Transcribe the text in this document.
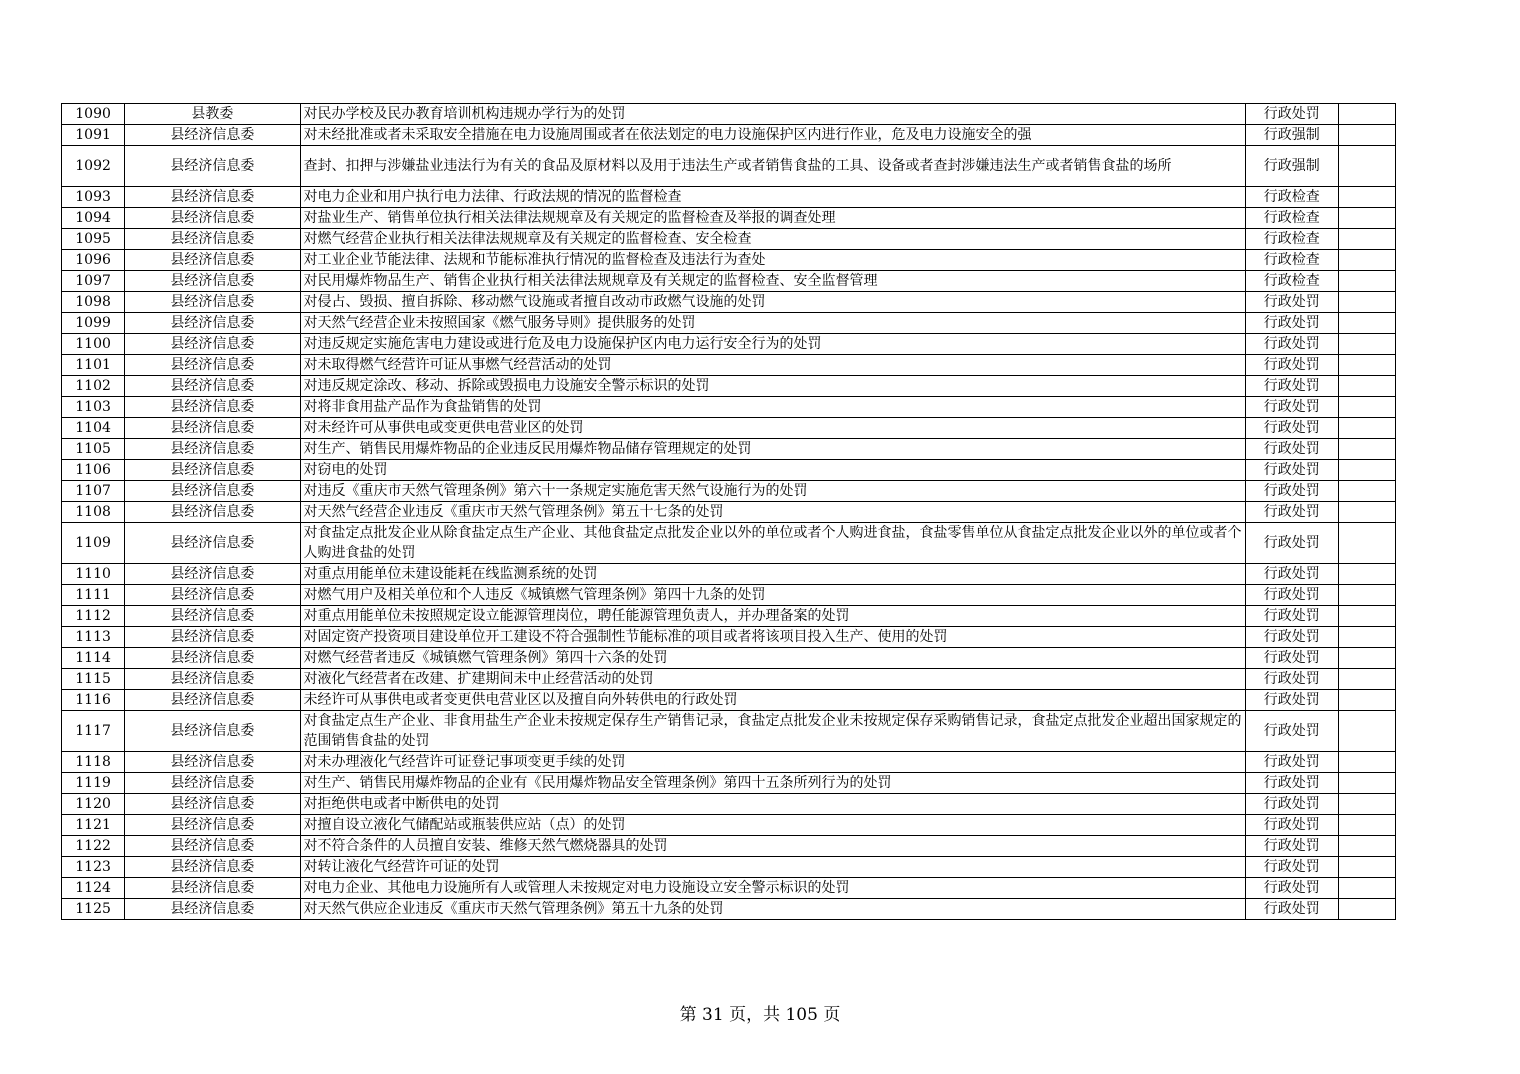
1090	县教委	对民办学校及民办教育培训机构违规办学行为的处罚	行政处罚	
1091	县经济信息委	对未经批准或者未采取安全措施在电力设施周围或者在依法划定的电力设施保护区内进行作业，危及电力设施安全的强	行政强制	
1092	县经济信息委	查封、扣押与涉嫌盐业违法行为有关的食品及原材料以及用于违法生产或者销售食盐的工具、设备或者查封涉嫌违法生产或者销售食盐的场所	行政强制	
1093	县经济信息委	对电力企业和用户执行电力法律、行政法规的情况的监督检查	行政检查	
1094	县经济信息委	对盐业生产、销售单位执行相关法律法规规章及有关规定的监督检查及举报的调查处理	行政检查	
1095	县经济信息委	对燃气经营企业执行相关法律法规规章及有关规定的监督检查、安全检查	行政检查	
1096	县经济信息委	对工业企业节能法律、法规和节能标准执行情况的监督检查及违法行为查处	行政检查	
1097	县经济信息委	对民用爆炸物品生产、销售企业执行相关法律法规规章及有关规定的监督检查、安全监督管理	行政检查	
1098	县经济信息委	对侵占、毁损、擅自拆除、移动燃气设施或者擅自改动市政燃气设施的处罚	行政处罚	
1099	县经济信息委	对天然气经营企业未按照国家《燃气服务导则》提供服务的处罚	行政处罚	
1100	县经济信息委	对违反规定实施危害电力建设或进行危及电力设施保护区内电力运行安全行为的处罚	行政处罚	
1101	县经济信息委	对未取得燃气经营许可证从事燃气经营活动的处罚	行政处罚	
1102	县经济信息委	对违反规定涂改、移动、拆除或毁损电力设施安全警示标识的处罚	行政处罚	
1103	县经济信息委	对将非食用盐产品作为食盐销售的处罚	行政处罚	
1104	县经济信息委	对未经许可从事供电或变更供电营业区的处罚	行政处罚	
1105	县经济信息委	对生产、销售民用爆炸物品的企业违反民用爆炸物品储存管理规定的处罚	行政处罚	
1106	县经济信息委	对窃电的处罚	行政处罚	
1107	县经济信息委	对违反《重庆市天然气管理条例》第六十一条规定实施危害天然气设施行为的处罚	行政处罚	
1108	县经济信息委	对天然气经营企业违反《重庆市天然气管理条例》第五十七条的处罚	行政处罚	
1109	县经济信息委	对食盐定点批发企业从除食盐定点生产企业、其他食盐定点批发企业以外的单位或者个人购进食盐，食盐零售单位从食盐定点批发企业以外的单位或者个人购进食盐的处罚	行政处罚	
1110	县经济信息委	对重点用能单位未建设能耗在线监测系统的处罚	行政处罚	
1111	县经济信息委	对燃气用户及相关单位和个人违反《城镇燃气管理条例》第四十九条的处罚	行政处罚	
1112	县经济信息委	对重点用能单位未按照规定设立能源管理岗位，聘任能源管理负责人，并办理备案的处罚	行政处罚	
1113	县经济信息委	对固定资产投资项目建设单位开工建设不符合强制性节能标准的项目或者将该项目投入生产、使用的处罚	行政处罚	
1114	县经济信息委	对燃气经营者违反《城镇燃气管理条例》第四十六条的处罚	行政处罚	
1115	县经济信息委	对液化气经营者在改建、扩建期间未中止经营活动的处罚	行政处罚	
1116	县经济信息委	未经许可从事供电或者变更供电营业区以及擅自向外转供电的行政处罚	行政处罚	
1117	县经济信息委	对食盐定点生产企业、非食用盐生产企业未按规定保存生产销售记录，食盐定点批发企业未按规定保存采购销售记录，食盐定点批发企业超出国家规定的范围销售食盐的处罚	行政处罚	
1118	县经济信息委	对未办理液化气经营许可证登记事项变更手续的处罚	行政处罚	
1119	县经济信息委	对生产、销售民用爆炸物品的企业有《民用爆炸物品安全管理条例》第四十五条所列行为的处罚	行政处罚	
1120	县经济信息委	对拒绝供电或者中断供电的处罚	行政处罚	
1121	县经济信息委	对擅自设立液化气储配站或瓶装供应站（点）的处罚	行政处罚	
1122	县经济信息委	对不符合条件的人员擅自安装、维修天然气燃烧器具的处罚	行政处罚	
1123	县经济信息委	对转让液化气经营许可证的处罚	行政处罚	
1124	县经济信息委	对电力企业、其他电力设施所有人或管理人未按规定对电力设施设立安全警示标识的处罚	行政处罚	
1125	县经济信息委	对天然气供应企业违反《重庆市天然气管理条例》第五十九条的处罚	行政处罚	
第 31 页，共 105 页
